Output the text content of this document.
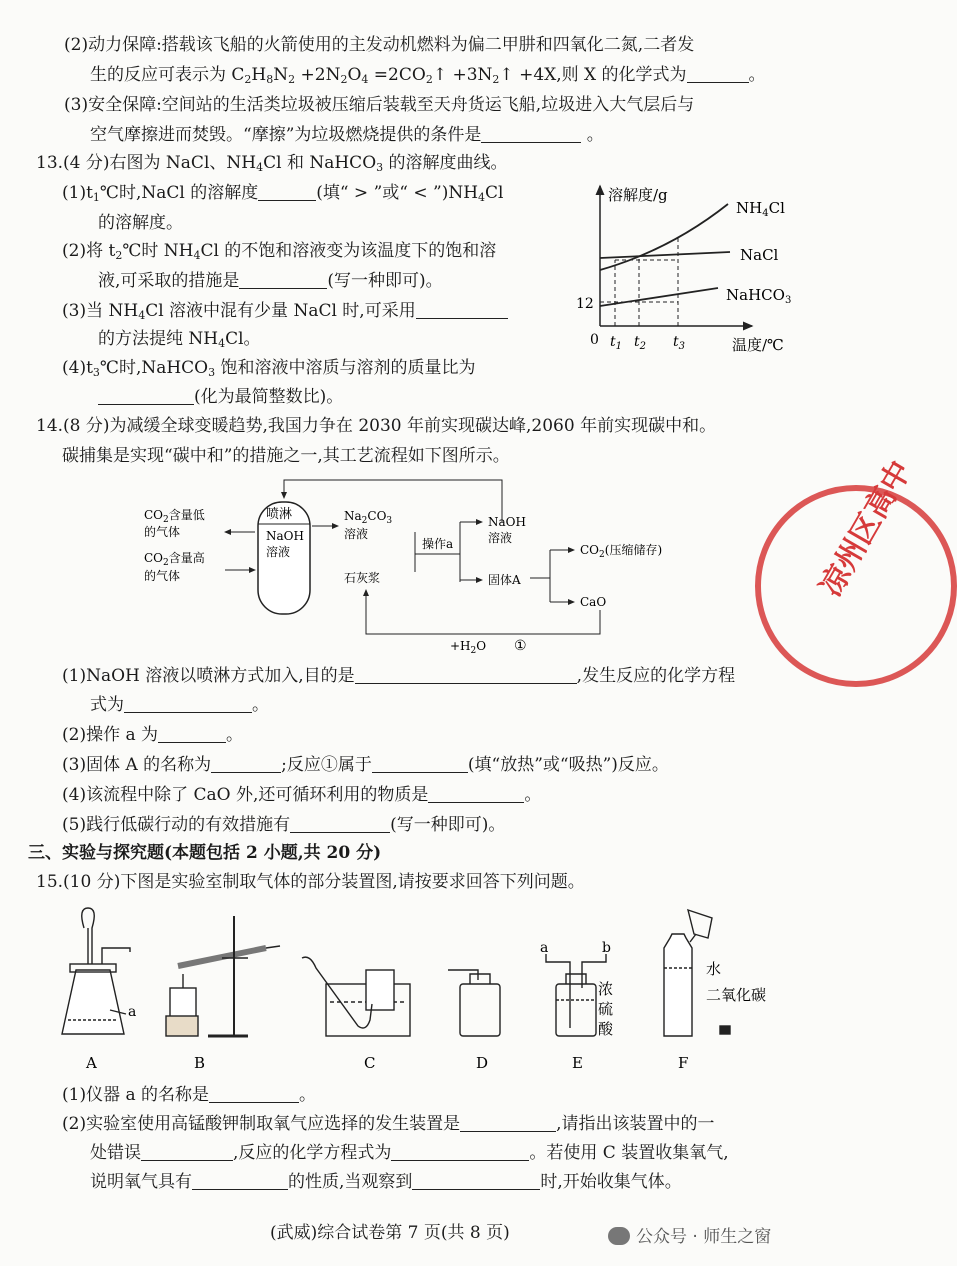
(2)动力保障:搭载该飞船的火箭使用的主发动机燃料为偏二甲肼和四氧化二氮,二者发
生的反应可表示为 $C_2H_8N_2 +2N_2O_4$ $=2CO_2↑$ $+3N_2↑ +4X$,则 X 的化学式为	。
(3)安全保障:空间站的生活类垃圾被压缩后装载至天舟货运飞船,垃圾进入大气层后与
空气摩擦进而焚毁。“摩擦”为垃圾燃烧提供的条件是	。
13.(4 分)右图为 NaCl、$NH_4Cl$ 和 NaHCO$_3$ 的溶解度曲线。
$(1)t_1℃$时,NaCl 的溶解度	(填“ > ”或“ < $”)NH_4Cl$
的溶解度。
(2)将 $t_2℃$时 $NH_4Cl$ 的不饱和溶液变为该温度下的饱和溶
液,可采取的措施是	(写一种即可)。
(3)当 $NH_4Cl$ 溶液中混有少量 NaCl 时,可采用
的方法提纯 $NH_4Cl$。
$(4)t_3℃$时,NaHCO$_3$ 饱和溶液中溶质与溶剂的质量比为
(化为最简整数比)。
溶解度/g
温度/℃
0
12
$t_1$ $t_2$ $t_3$
$NH_4Cl$
NaCl
NaHCO$_3$
14.(8 分)为减缓全球变暖趋势,我国力争在 2030 年前实现碳达峰,2060 年前实现碳中和。
碳捕集是实现“碳中和”的措施之一,其工艺流程如下图所示。
喷淋
NaOH
溶液
$CO_2$含量低
的气体
$CO_2$含量高
的气体
$Na_2CO_3$
溶液
石灰浆
操作a
NaOH
溶液
固体A
$CO_2$(压缩储存)
CaO
$+H_2O$ ①
(1)NaOH 溶液以喷淋方式加入,目的是	,发生反应的化学方程
式为	。
(2)操作 a 为	。
(3)固体 A 的名称为	;反应①属于	(填“放热”或“吸热”)反应。
(4)该流程中除了 CaO 外,还可循环利用的物质是	。
(5)践行低碳行动的有效措施有	(写一种即可)。
三、实验与探究题(本题包括 2 小题,共 20 分)
15.(10 分)下图是实验室制取气体的部分装置图,请按要求回答下列问题。
a
a	b
浓
硫
酸
水
二氧化碳
A	B	C	D	E	F
(1)仪器 a 的名称是	。
(2)实验室使用高锰酸钾制取氧气应选择的发生装置是	,请指出该装置中的一
处错误	,反应的化学方程式为	。若使用 C 装置收集氧气,
说明氧气具有	的性质,当观察到	时,开始收集气体。
(武威)综合试卷第 7 页(共 8 页)
凉州区高中
公众号 · 师生之窗
